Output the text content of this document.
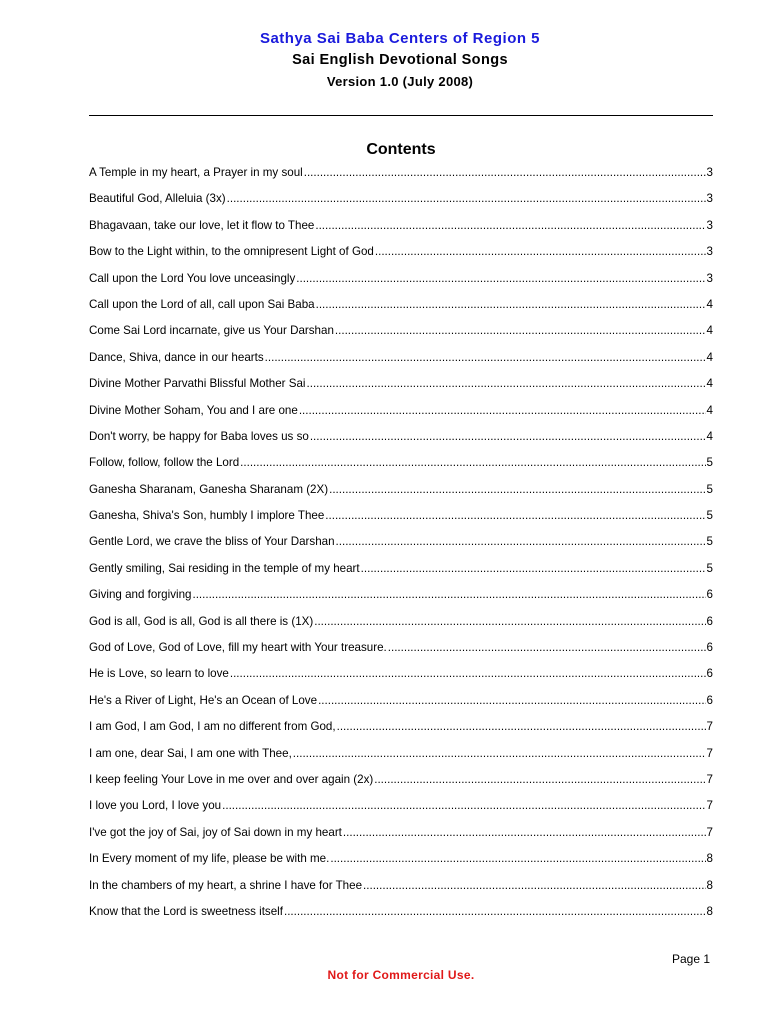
Sathya Sai Baba Centers of Region 5
Sai English Devotional Songs
Version 1.0 (July 2008)
Contents
A Temple in my heart, a Prayer in my soul .....	3
Beautiful God, Alleluia (3x) .....	3
Bhagavaan, take our love, let it flow to Thee .....	3
Bow to the Light within, to the omnipresent Light of God .....	3
Call upon the Lord You love unceasingly .....	3
Call upon the Lord of all, call upon Sai Baba .....	4
Come Sai Lord incarnate, give us Your Darshan .....	4
Dance, Shiva, dance in our hearts .....	4
Divine Mother Parvathi Blissful Mother Sai .....	4
Divine Mother Soham, You and I are one .....	4
Don't worry, be happy for Baba loves us so .....	4
Follow, follow, follow the Lord .....	5
Ganesha Sharanam, Ganesha Sharanam (2X) .....	5
Ganesha, Shiva's Son, humbly I implore Thee .....	5
Gentle Lord, we crave the bliss of Your Darshan .....	5
Gently smiling, Sai residing in the temple of my heart .....	5
Giving and forgiving .....	6
God is all, God is all, God is all there is (1X) .....	6
God of Love, God of Love, fill my heart with Your treasure. .....	6
He is Love, so learn to love .....	6
He's a River of Light, He's an Ocean of Love .....	6
I am God, I am God, I am no different from God, .....	7
I am one, dear Sai, I am one with Thee, .....	7
I keep feeling Your Love in me over and over again (2x) .....	7
I love you Lord, I love you .....	7
I've got the joy of Sai, joy of Sai down in my heart .....	7
In Every moment of my life, please be with me. .....	8
In the chambers of my heart, a shrine I have for Thee .....	8
Know that the Lord is sweetness itself .....	8
Page 1
Not for Commercial Use.
